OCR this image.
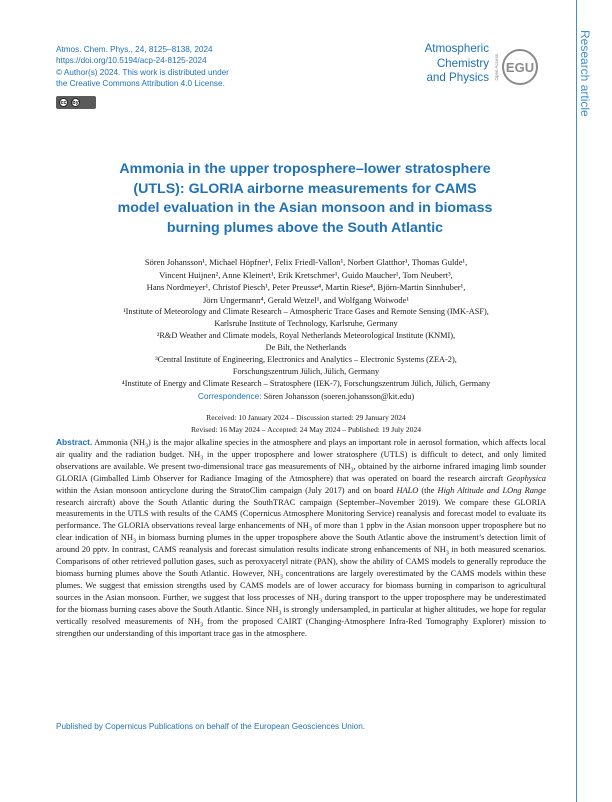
Research article
Atmos. Chem. Phys., 24, 8125–8138, 2024
https://doi.org/10.5194/acp-24-8125-2024
© Author(s) 2024. This work is distributed under
the Creative Commons Attribution 4.0 License.
cc by
Atmospheric
Chemistry
and Physics Open Access EGU
Ammonia in the upper troposphere–lower stratosphere
(UTLS): GLORIA airborne measurements for CAMS
model evaluation in the Asian monsoon and in biomass
burning plumes above the South Atlantic
Sören Johansson¹, Michael Höpfner¹, Felix Friedl-Vallon¹, Norbert Glatthor¹, Thomas Gulde¹,
Vincent Huijnen², Anne Kleinert¹, Erik Kretschmer¹, Guido Maucher¹, Tom Neubert³,
Hans Nordmeyer¹, Christof Piesch¹, Peter Preusse⁴, Martin Riese⁴, Björn-Martin Sinnhuber¹,
Jörn Ungermann⁴, Gerald Wetzel¹, and Wolfgang Woiwode¹
¹Institute of Meteorology and Climate Research – Atmospheric Trace Gases and Remote Sensing (IMK-ASF),
Karlsruhe Institute of Technology, Karlsruhe, Germany
²R&D Weather and Climate models, Royal Netherlands Meteorological Institute (KNMI),
De Bilt, the Netherlands
³Central Institute of Engineering, Electronics and Analytics – Electronic Systems (ZEA-2),
Forschungszentrum Jülich, Jülich, Germany
⁴Institute of Energy and Climate Research – Stratosphere (IEK-7), Forschungszentrum Jülich, Jülich, Germany
Correspondence: Sören Johansson (soeren.johansson@kit.edu)
Received: 10 January 2024 – Discussion started: 29 January 2024
Revised: 16 May 2024 – Accepted: 24 May 2024 – Published: 19 July 2024

Abstract. Ammonia $(NH_3)$ is the major alkaline species in the atmosphere and plays an important role in aerosol formation, which affects local air quality and the radiation budget. $NH_3$ in the upper troposphere and lower stratosphere (UTLS) is difficult to detect, and only limited observations are available. We present two-dimensional trace gas measurements of $NH_3$, obtained by the airborne infrared imaging limb sounder GLORIA (Gimballed Limb Observer for Radiance Imaging of the Atmosphere) that was operated on board the research aircraft Geophysica within the Asian monsoon anticyclone during the StratoClim campaign (July 2017) and on board HALO (the High Altitude and LOng Range research aircraft) above the South Atlantic during the SouthTRAC campaign (September–November 2019). We compare these GLORIA measurements in the UTLS with results of the CAMS (Copernicus Atmosphere Monitoring Service) reanalysis and forecast model to evaluate its performance. The GLORIA observations reveal large enhancements of $NH_3$ of more than 1 ppbv in the Asian monsoon upper troposphere but no clear indication of $NH_3$ in biomass burning plumes in the upper troposphere above the South Atlantic above the instrument’s detection limit of around 20 pptv. In contrast, CAMS reanalysis and forecast simulation results indicate strong enhancements of $NH_3$ in both measured scenarios. Comparisons of other retrieved pollution gases, such as peroxyacetyl nitrate (PAN), show the ability of CAMS models to generally reproduce the biomass burning plumes above the South Atlantic. However, $NH_3$ concentrations are largely overestimated by the CAMS models within these plumes. We suggest that emission strengths used by CAMS models are of lower accuracy for biomass burning in comparison to agricultural sources in the Asian monsoon. Further, we suggest that loss processes of $NH_3$ during transport to the upper troposphere may be underestimated for the biomass burning cases above the South Atlantic. Since $NH_3$ is strongly undersampled, in particular at higher altitudes, we hope for regular vertically resolved measurements of $NH_3$ from the proposed CAIRT (Changing-Atmosphere Infra-Red Tomography Explorer) mission to strengthen our understanding of this important trace gas in the atmosphere.

Published by Copernicus Publications on behalf of the European Geosciences Union.
